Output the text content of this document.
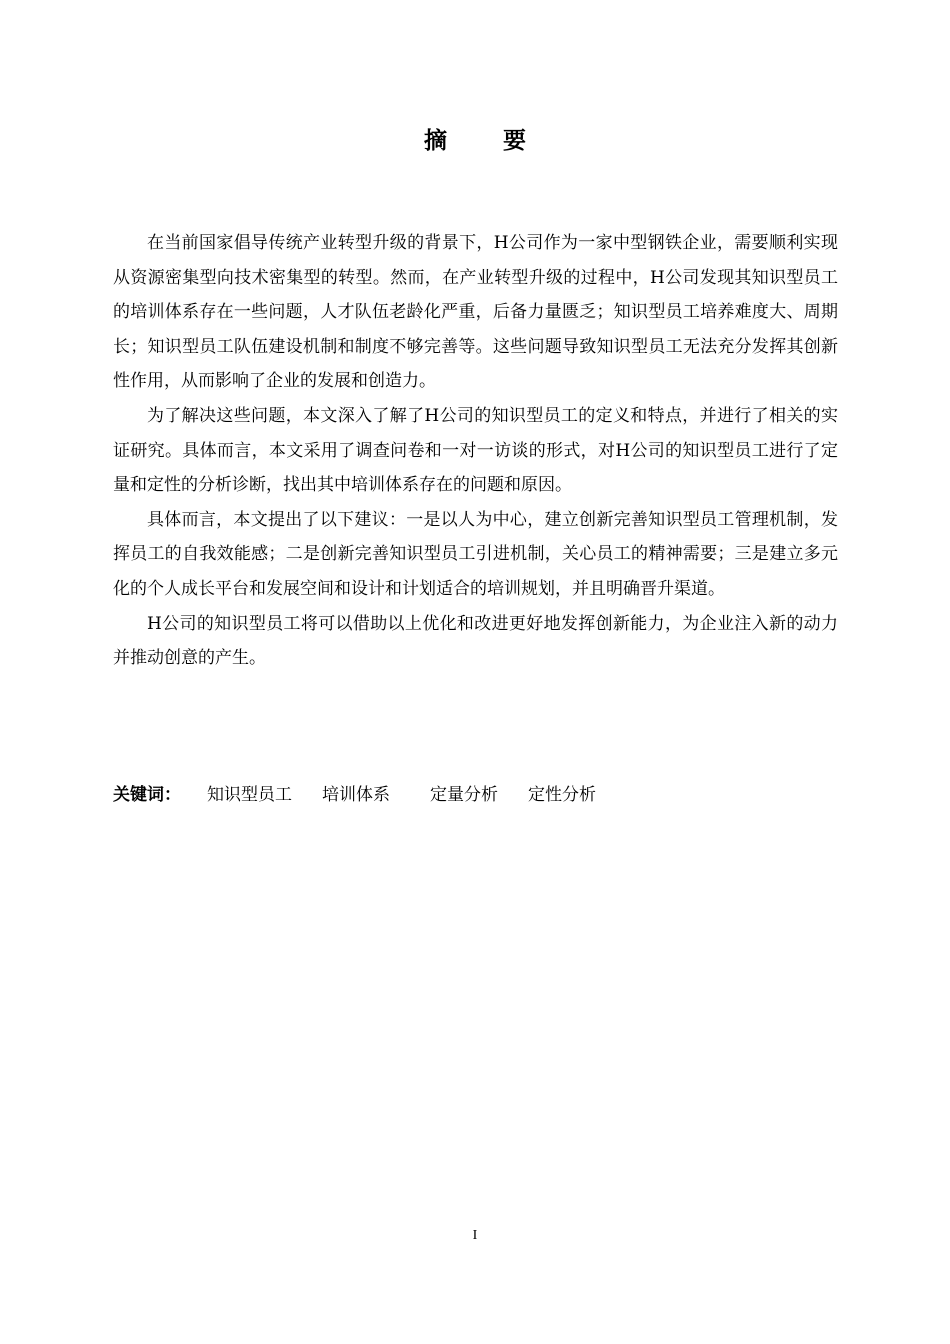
摘 要

在当前国家倡导传统产业转型升级的背景下，H公司作为一家中型钢铁企业，需要顺利实现从资源密集型向技术密集型的转型。然而，在产业转型升级的过程中，H公司发现其知识型员工的培训体系存在一些问题，人才队伍老龄化严重，后备力量匮乏；知识型员工培养难度大、周期长；知识型员工队伍建设机制和制度不够完善等。这些问题导致知识型员工无法充分发挥其创新性作用，从而影响了企业的发展和创造力。

为了解决这些问题，本文深入了解了H公司的知识型员工的定义和特点，并进行了相关的实证研究。具体而言，本文采用了调查问卷和一对一访谈的形式，对H公司的知识型员工进行了定量和定性的分析诊断，找出其中培训体系存在的问题和原因。

具体而言，本文提出了以下建议：一是以人为中心，建立创新完善知识型员工管理机制，发挥员工的自我效能感；二是创新完善知识型员工引进机制，关心员工的精神需要；三是建立多元化的个人成长平台和发展空间和设计和计划适合的培训规划，并且明确晋升渠道。

H公司的知识型员工将可以借助以上优化和改进更好地发挥创新能力，为企业注入新的动力并推动创意的产生。

关键词： 知识型员工 培训体系 定量分析 定性分析
I
